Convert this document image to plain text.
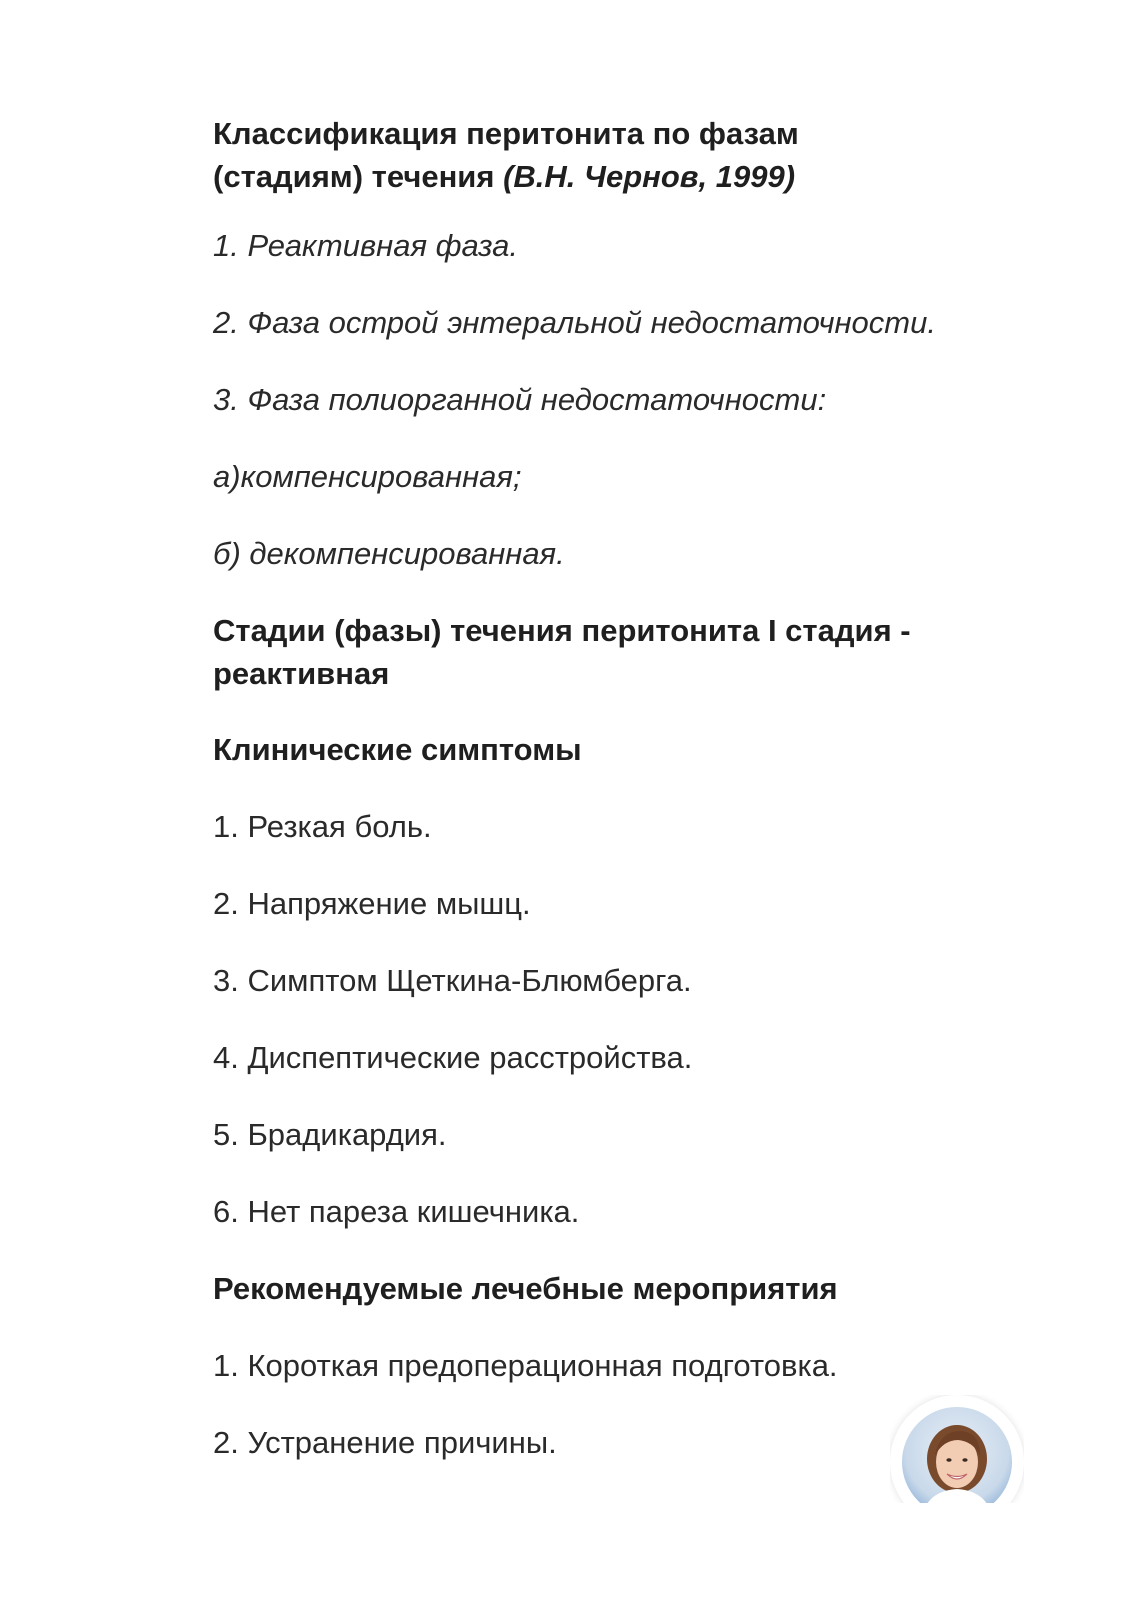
Классификация перитонита по фазам
(стадиям) течения (В.Н. Чернов, 1999)

1. Реактивная фаза.

2. Фаза острой энтеральной недостаточности.

3. Фаза полиорганной недостаточности:

а)компенсированная;

б) декомпенсированная.

Стадии (фазы) течения перитонита I стадия -
реактивная
Клинические симптомы

1. Резкая боль.

2. Напряжение мышц.

3. Симптом Щеткина-Блюмберга.

4. Диспептические расстройства.

5. Брадикардия.

6. Нет пареза кишечника.

Рекомендуемые лечебные мероприятия

1. Короткая предоперационная подготовка.

2. Устранение причины.
